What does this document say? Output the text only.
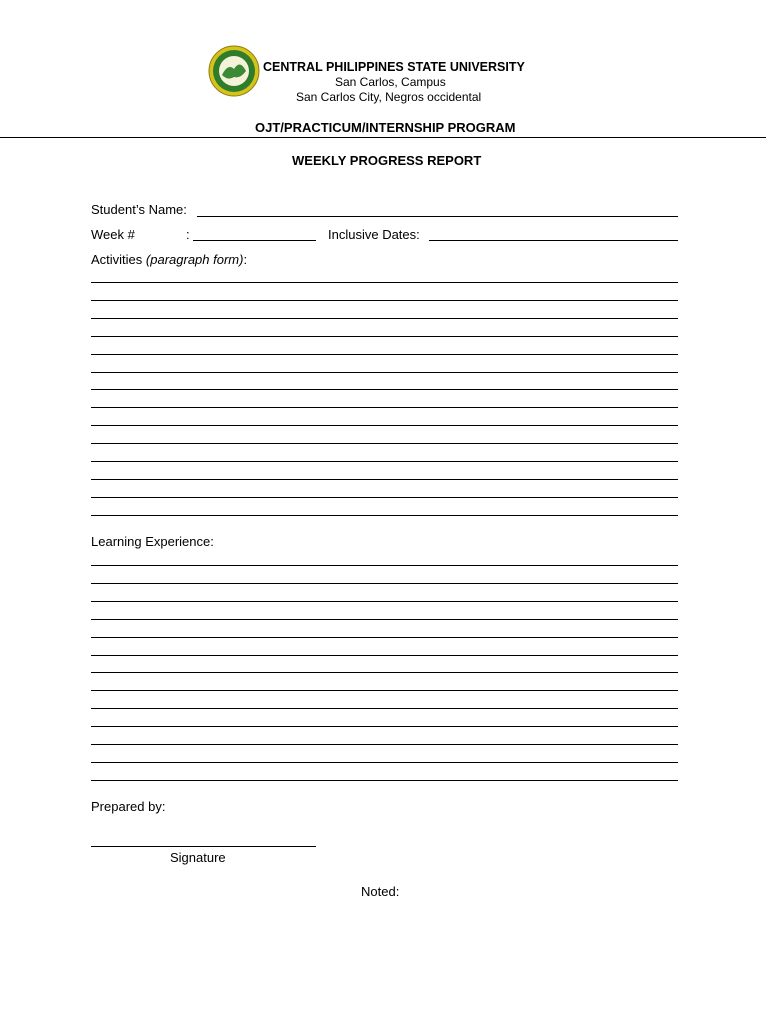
CENTRAL PHILIPPINES STATE UNIVERSITY
San Carlos, Campus
San Carlos City, Negros occidental
OJT/PRACTICUM/INTERNSHIP PROGRAM
WEEKLY PROGRESS REPORT
Student’s Name:
Week #	:	Inclusive Dates:
Activities (paragraph form):
Learning Experience:
Prepared by:
Signature
Noted:
